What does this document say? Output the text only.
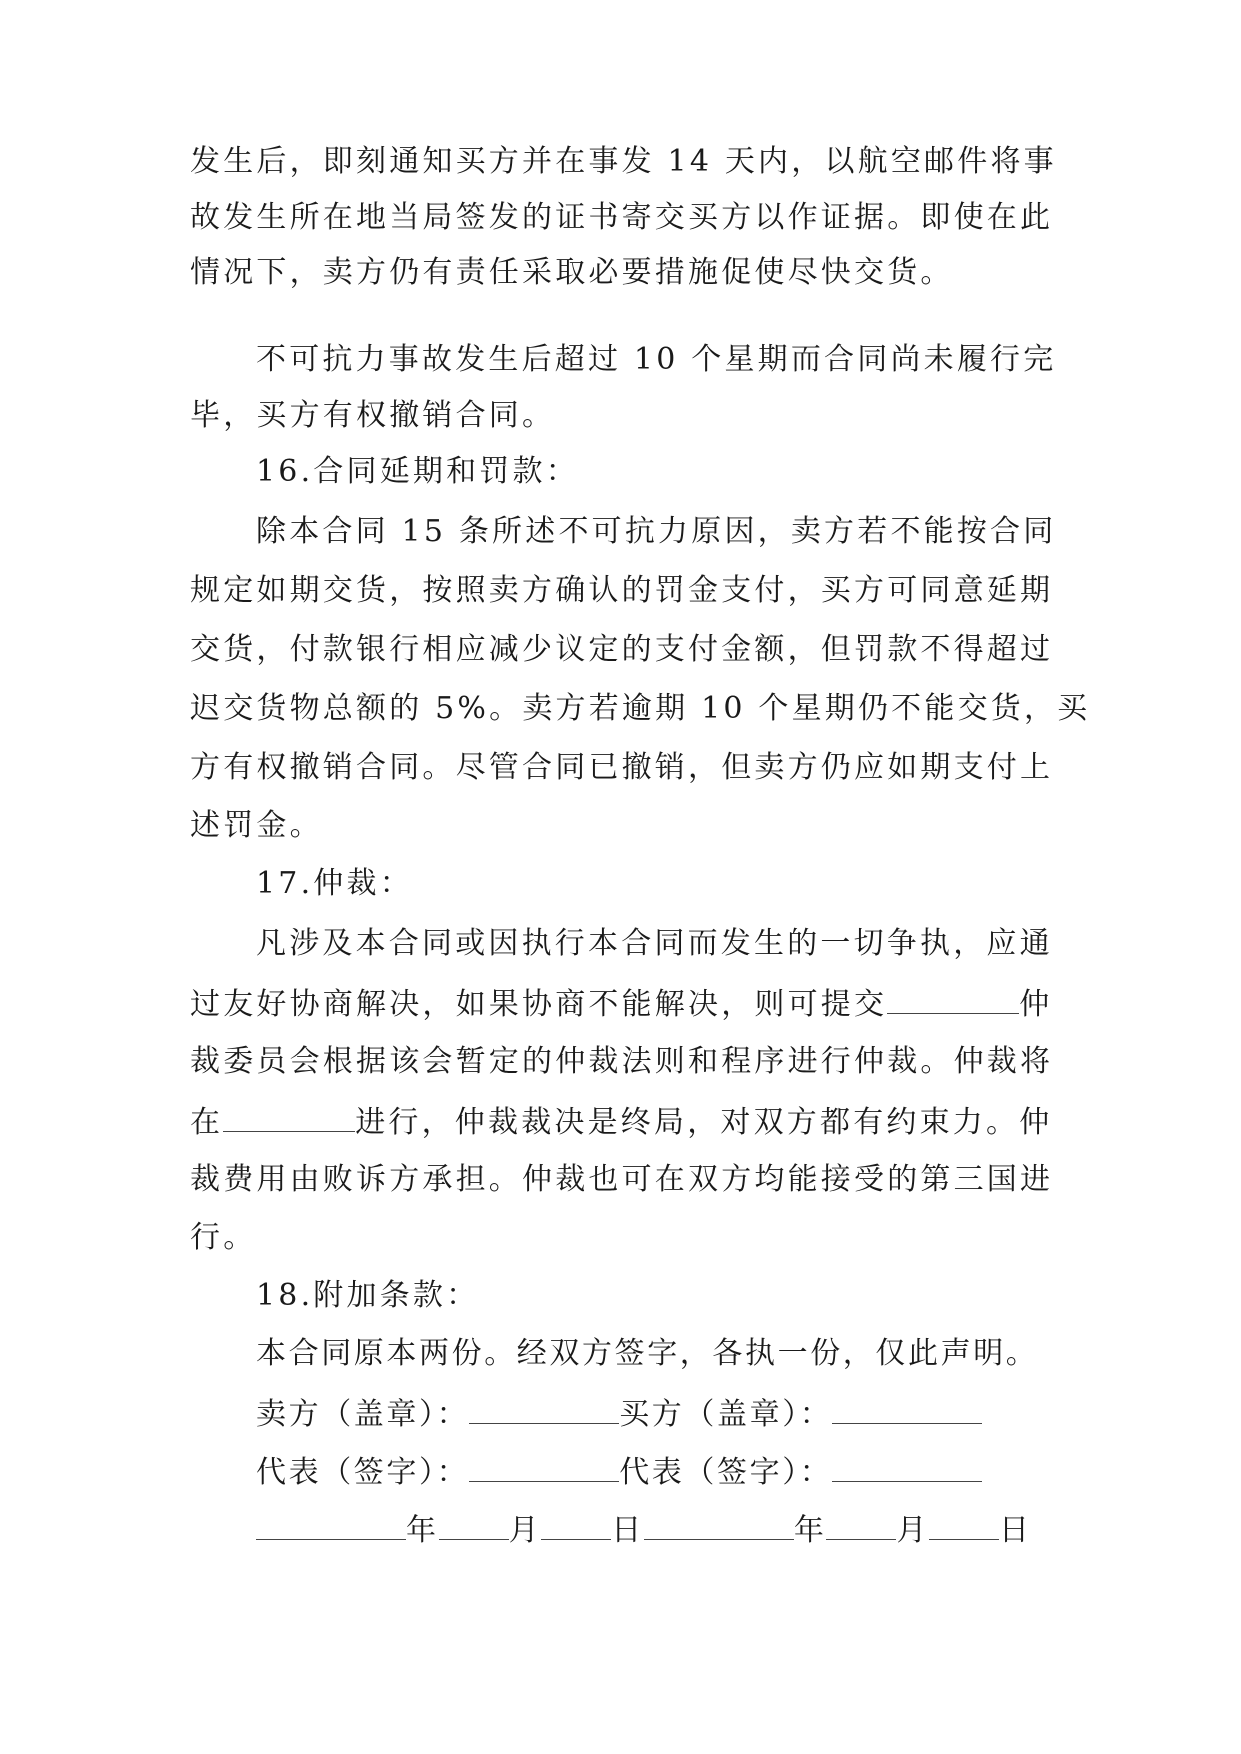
发生后，即刻通知买方并在事发 14 天内，以航空邮件将事
故发生所在地当局签发的证书寄交买方以作证据。即使在此
情况下，卖方仍有责任采取必要措施促使尽快交货。
不可抗力事故发生后超过 10 个星期而合同尚未履行完
毕，买方有权撤销合同。
16.合同延期和罚款：
除本合同 15 条所述不可抗力原因，卖方若不能按合同
规定如期交货，按照卖方确认的罚金支付，买方可同意延期
交货，付款银行相应减少议定的支付金额，但罚款不得超过
迟交货物总额的 5%。卖方若逾期 10 个星期仍不能交货，买
方有权撤销合同。尽管合同已撤销，但卖方仍应如期支付上
述罚金。
17.仲裁：
凡涉及本合同或因执行本合同而发生的一切争执，应通
过友好协商解决，如果协商不能解决，则可提交	仲
裁委员会根据该会暂定的仲裁法则和程序进行仲裁。仲裁将
在	进行，仲裁裁决是终局，对双方都有约束力。仲
裁费用由败诉方承担。仲裁也可在双方均能接受的第三国进
行。
18.附加条款：
本合同原本两份。经双方签字，各执一份，仅此声明。
卖方（盖章）：	买方（盖章）：
代表（签字）：	代表（签字）：
年 月 日	年 月 日
